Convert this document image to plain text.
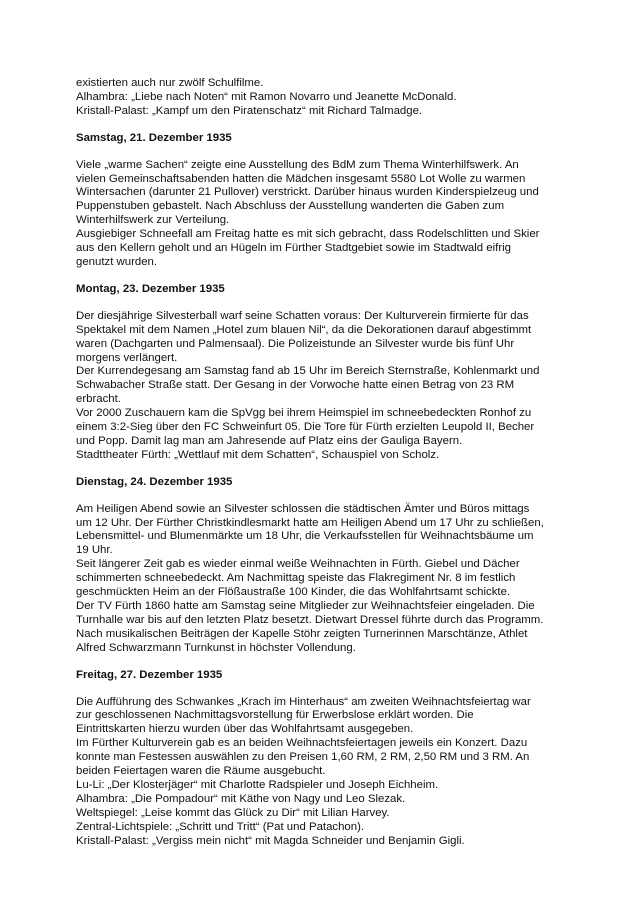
existierten auch nur zwölf Schulfilme.
Alhambra: „Liebe nach Noten“ mit Ramon Novarro und Jeanette McDonald.
Kristall-Palast: „Kampf um den Piratenschatz“ mit Richard Talmadge.
Samstag, 21. Dezember 1935
Viele „warme Sachen“ zeigte eine Ausstellung des BdM zum Thema Winterhilfswerk. An
vielen Gemeinschaftsabenden hatten die Mädchen insgesamt 5580 Lot Wolle zu warmen
Wintersachen (darunter 21 Pullover) verstrickt. Darüber hinaus wurden Kinderspielzeug und
Puppenstuben gebastelt. Nach Abschluss der Ausstellung wanderten die Gaben zum
Winterhilfswerk zur Verteilung.
Ausgiebiger Schneefall am Freitag hatte es mit sich gebracht, dass Rodelschlitten und Skier
aus den Kellern geholt und an Hügeln im Fürther Stadtgebiet sowie im Stadtwald eifrig
genutzt wurden.
Montag, 23. Dezember 1935
Der diesjährige Silvesterball warf seine Schatten voraus: Der Kulturverein firmierte für das
Spektakel mit dem Namen „Hotel zum blauen Nil“, da die Dekorationen darauf abgestimmt
waren (Dachgarten und Palmensaal). Die Polizeistunde an Silvester wurde bis fünf Uhr
morgens verlängert.
Der Kurrendegesang am Samstag fand ab 15 Uhr im Bereich Sternstraße, Kohlenmarkt und
Schwabacher Straße statt. Der Gesang in der Vorwoche hatte einen Betrag von 23 RM
erbracht.
Vor 2000 Zuschauern kam die SpVgg bei ihrem Heimspiel im schneebedeckten Ronhof zu
einem 3:2-Sieg über den FC Schweinfurt 05. Die Tore für Fürth erzielten Leupold II, Becher
und Popp. Damit lag man am Jahresende auf Platz eins der Gauliga Bayern.
Stadttheater Fürth: „Wettlauf mit dem Schatten“, Schauspiel von Scholz.
Dienstag, 24. Dezember 1935
Am Heiligen Abend sowie an Silvester schlossen die städtischen Ämter und Büros mittags
um 12 Uhr. Der Fürther Christkindlesmarkt hatte am Heiligen Abend um 17 Uhr zu schließen,
Lebensmittel- und Blumenmärkte um 18 Uhr, die Verkaufsstellen für Weihnachtsbäume um
19 Uhr.
Seit längerer Zeit gab es wieder einmal weiße Weihnachten in Fürth. Giebel und Dächer
schimmerten schneebedeckt. Am Nachmittag speiste das Flakregiment Nr. 8 im festlich
geschmückten Heim an der Flößaustraße 100 Kinder, die das Wohlfahrtsamt schickte.
Der TV Fürth 1860 hatte am Samstag seine Mitglieder zur Weihnachtsfeier eingeladen. Die
Turnhalle war bis auf den letzten Platz besetzt. Dietwart Dressel führte durch das Programm.
Nach musikalischen Beiträgen der Kapelle Stöhr zeigten Turnerinnen Marschtänze, Athlet
Alfred Schwarzmann Turnkunst in höchster Vollendung.
Freitag, 27. Dezember 1935
Die Aufführung des Schwankes „Krach im Hinterhaus“ am zweiten Weihnachtsfeiertag war
zur geschlossenen Nachmittagsvorstellung für Erwerbslose erklärt worden. Die
Eintrittskarten hierzu wurden über das Wohlfahrtsamt ausgegeben.
Im Fürther Kulturverein gab es an beiden Weihnachtsfeiertagen jeweils ein Konzert. Dazu
konnte man Festessen auswählen zu den Preisen 1,60 RM, 2 RM, 2,50 RM und 3 RM. An
beiden Feiertagen waren die Räume ausgebucht.
Lu-Li: „Der Klosterjäger“ mit Charlotte Radspieler und Joseph Eichheim.
Alhambra: „Die Pompadour“ mit Käthe von Nagy und Leo Slezak.
Weltspiegel: „Leise kommt das Glück zu Dir“ mit Lilian Harvey.
Zentral-Lichtspiele: „Schritt und Tritt“ (Pat und Patachon).
Kristall-Palast: „Vergiss mein nicht“ mit Magda Schneider und Benjamin Gigli.
